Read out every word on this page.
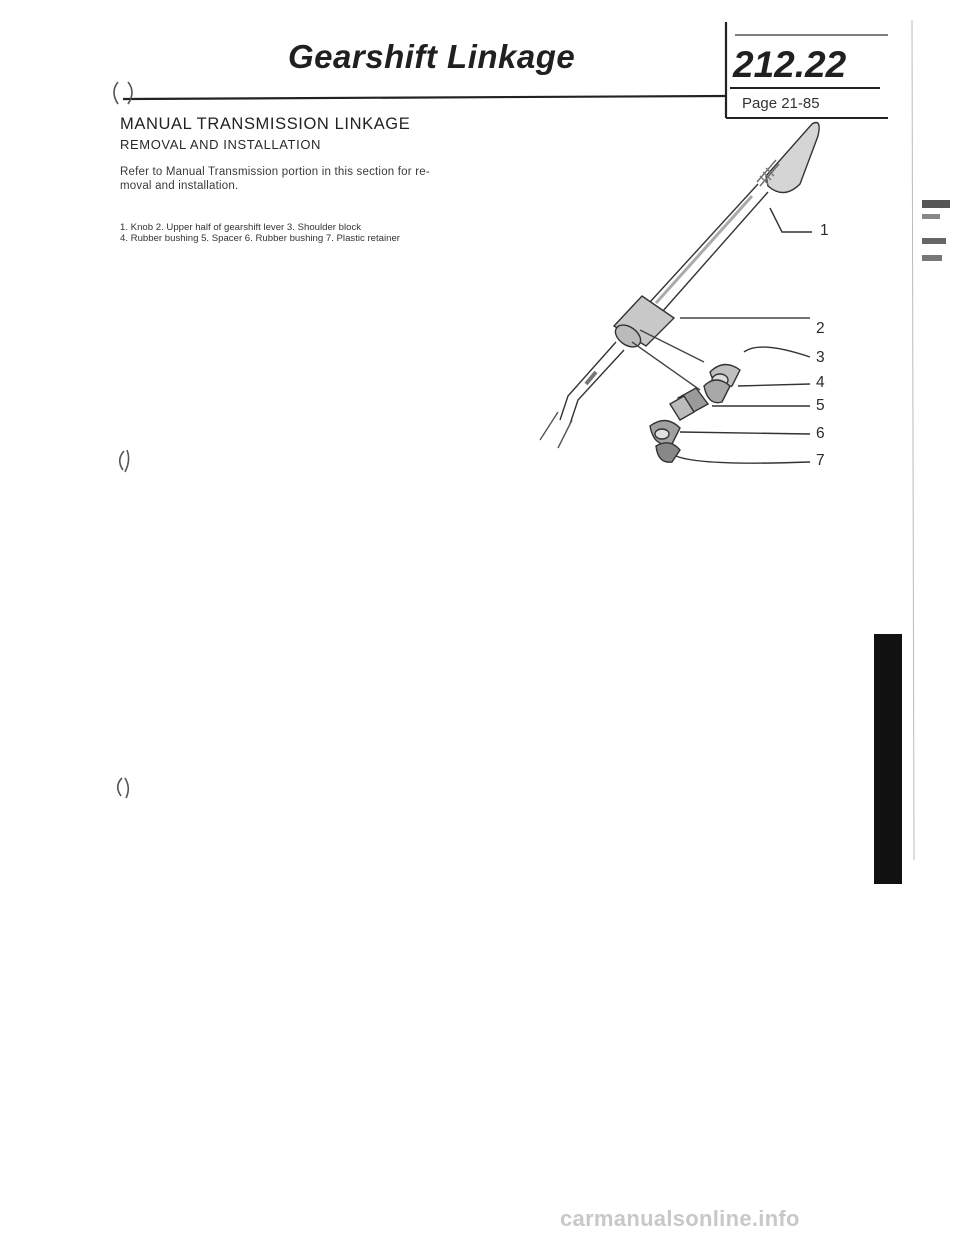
Gearshift Linkage	212.22
Page 21-85
MANUAL TRANSMISSION LINKAGE
REMOVAL AND INSTALLATION
Refer to Manual Transmission portion in this section for re-
moval and installation.
1. Knob 2. Upper half of gearshift lever 3. Shoulder block
4. Rubber bushing 5. Spacer 6. Rubber bushing 7. Plastic retainer	1
2
3
4
5
6
7
carmanualsonline.info
